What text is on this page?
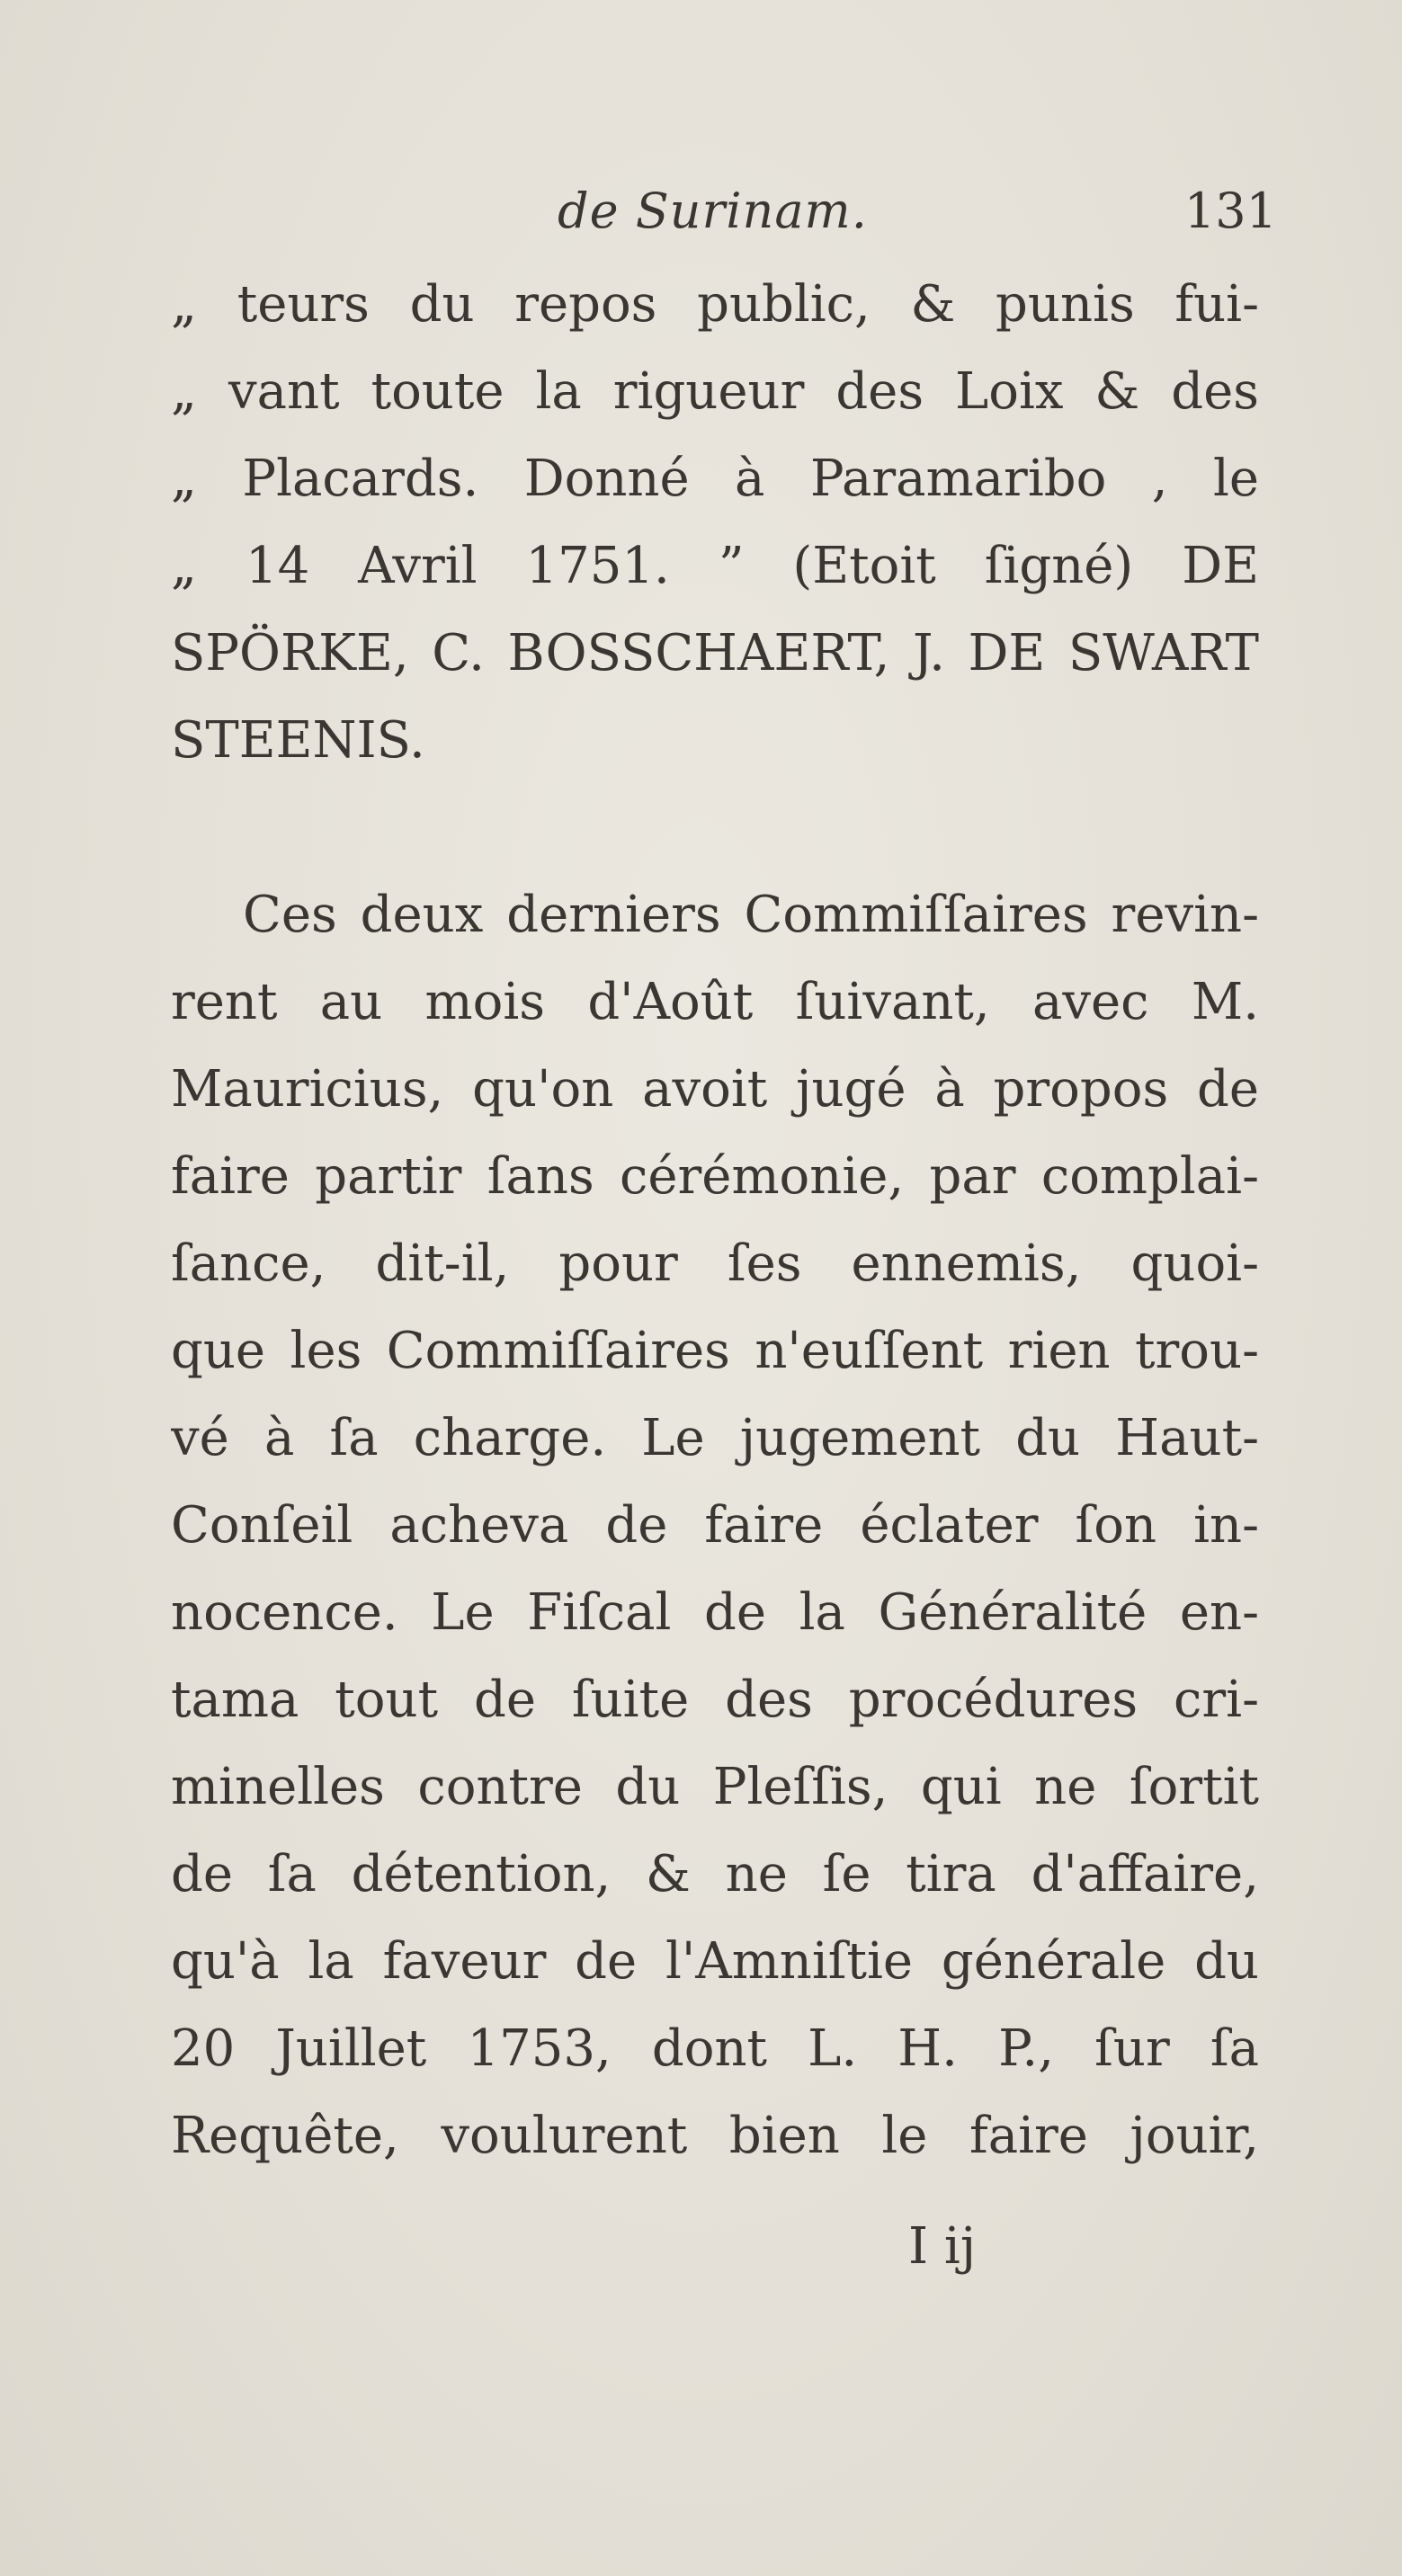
de Surinam.	131
„ teurs du repos public, & punis fui-
„ vant toute la rigueur des Loix & des
„ Placards. Donné à Paramaribo , le
„ 14 Avril 1751. ” (Etoit ſigné) DE
SPÖRKE, C. BOSSCHAERT, J. DE SWART
STEENIS.
Ces deux derniers Commiſſaires revin-
rent au mois d'Août ſuivant, avec M.
Mauricius, qu'on avoit jugé à propos de
faire partir ſans cérémonie, par complai-
ſance, dit-il, pour ſes ennemis, quoi-
que les Commiſſaires n'euſſent rien trou-
vé à ſa charge. Le jugement du Haut-
Conſeil acheva de faire éclater ſon in-
nocence. Le Fiſcal de la Généralité en-
tama tout de ſuite des procédures cri-
minelles contre du Pleſſis, qui ne ſortit
de ſa détention, & ne ſe tira d'affaire,
qu'à la faveur de l'Amniſtie générale du
20 Juillet 1753, dont L. H. P., ſur ſa
Requête, voulurent bien le faire jouir,
I ij
